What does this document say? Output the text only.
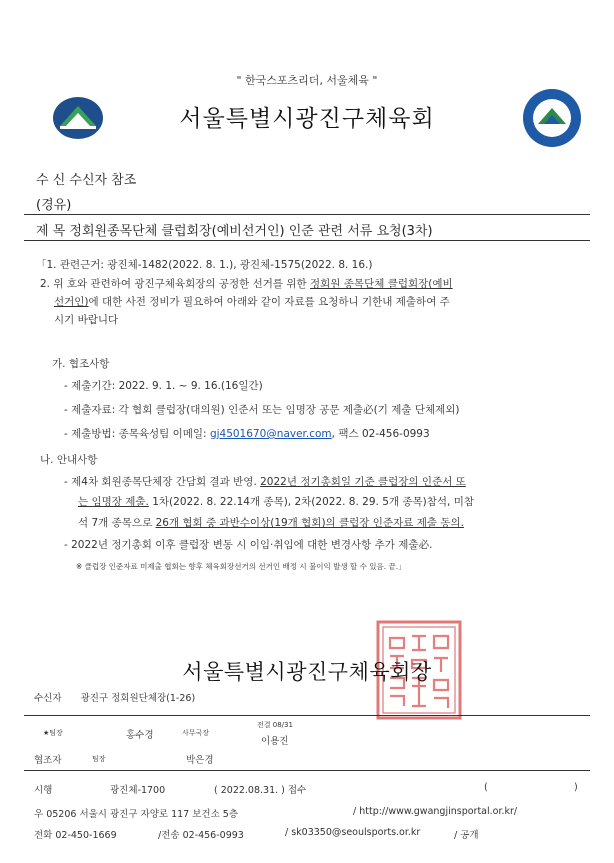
" 한국스포츠리더, 서울체육 "
서울특별시광진구체육회
수 신 수신자 참조
(경유)
제 목 정회원종목단체 클럽회장(예비선거인) 인준 관련 서류 요청(3차)
「1. 관련근거: 광진체-1482(2022. 8. 1.), 광진체-1575(2022. 8. 16.)
2. 위 호와 관련하여 광진구체육회장의 공정한 선거를 위한 정회원 종목단체 클럽회장(예비
선거인)에 대한 사전 정비가 필요하여 아래와 같이 자료를 요청하니 기한내 제출하여 주
시기 바랍니다
가. 협조사항
- 제출기간: 2022. 9. 1. ~ 9. 16.(16일간)
- 제출자료: 각 협회 클럽장(대의원) 인준서 또는 임명장 공문 제출必(기 제출 단체제외)
- 제출방법: 종목육성팀 이메일: gj4501670@naver.com, 팩스 02-456-0993
나. 안내사항
- 제4차 회원종목단체장 간담회 결과 반영. 2022년 정기총회일 기준 클럽장의 인준서 또
는 임명장 제출. 1차(2022. 8. 22.14개 종목), 2차(2022. 8. 29. 5개 종목)참석, 미참
석 7개 종목으로 26개 협회 중 과반수이상(19개 협회)의 클럽장 인준자료 제출 동의.
- 2022년 정기총회 이후 클럽장 변동 시 이임·취임에 대한 변경사항 추가 제출必.
※ 클럽장 인준자료 미제출 협회는 향후 체육회장선거의 선거인 배정 시 불이익 발생 할 수 있음. 끝.」
서울특별시광진구체육회장
수신자 광진구 정회원단체장(1-26)
전결 08/31
★팀장	홍수경	사무국장
이용진
협조자	팀장	박은경
시행	광진체-1700	( 2022.08.31. ) 접수	(	)
우 05206 서울시 광진구 자양로 117 보건소 5층	/ http://www.gwangjinsportal.or.kr/
전화 02-450-1669	/전송 02-456-0993	/ sk03350@seoulsports.or.kr	/ 공개
